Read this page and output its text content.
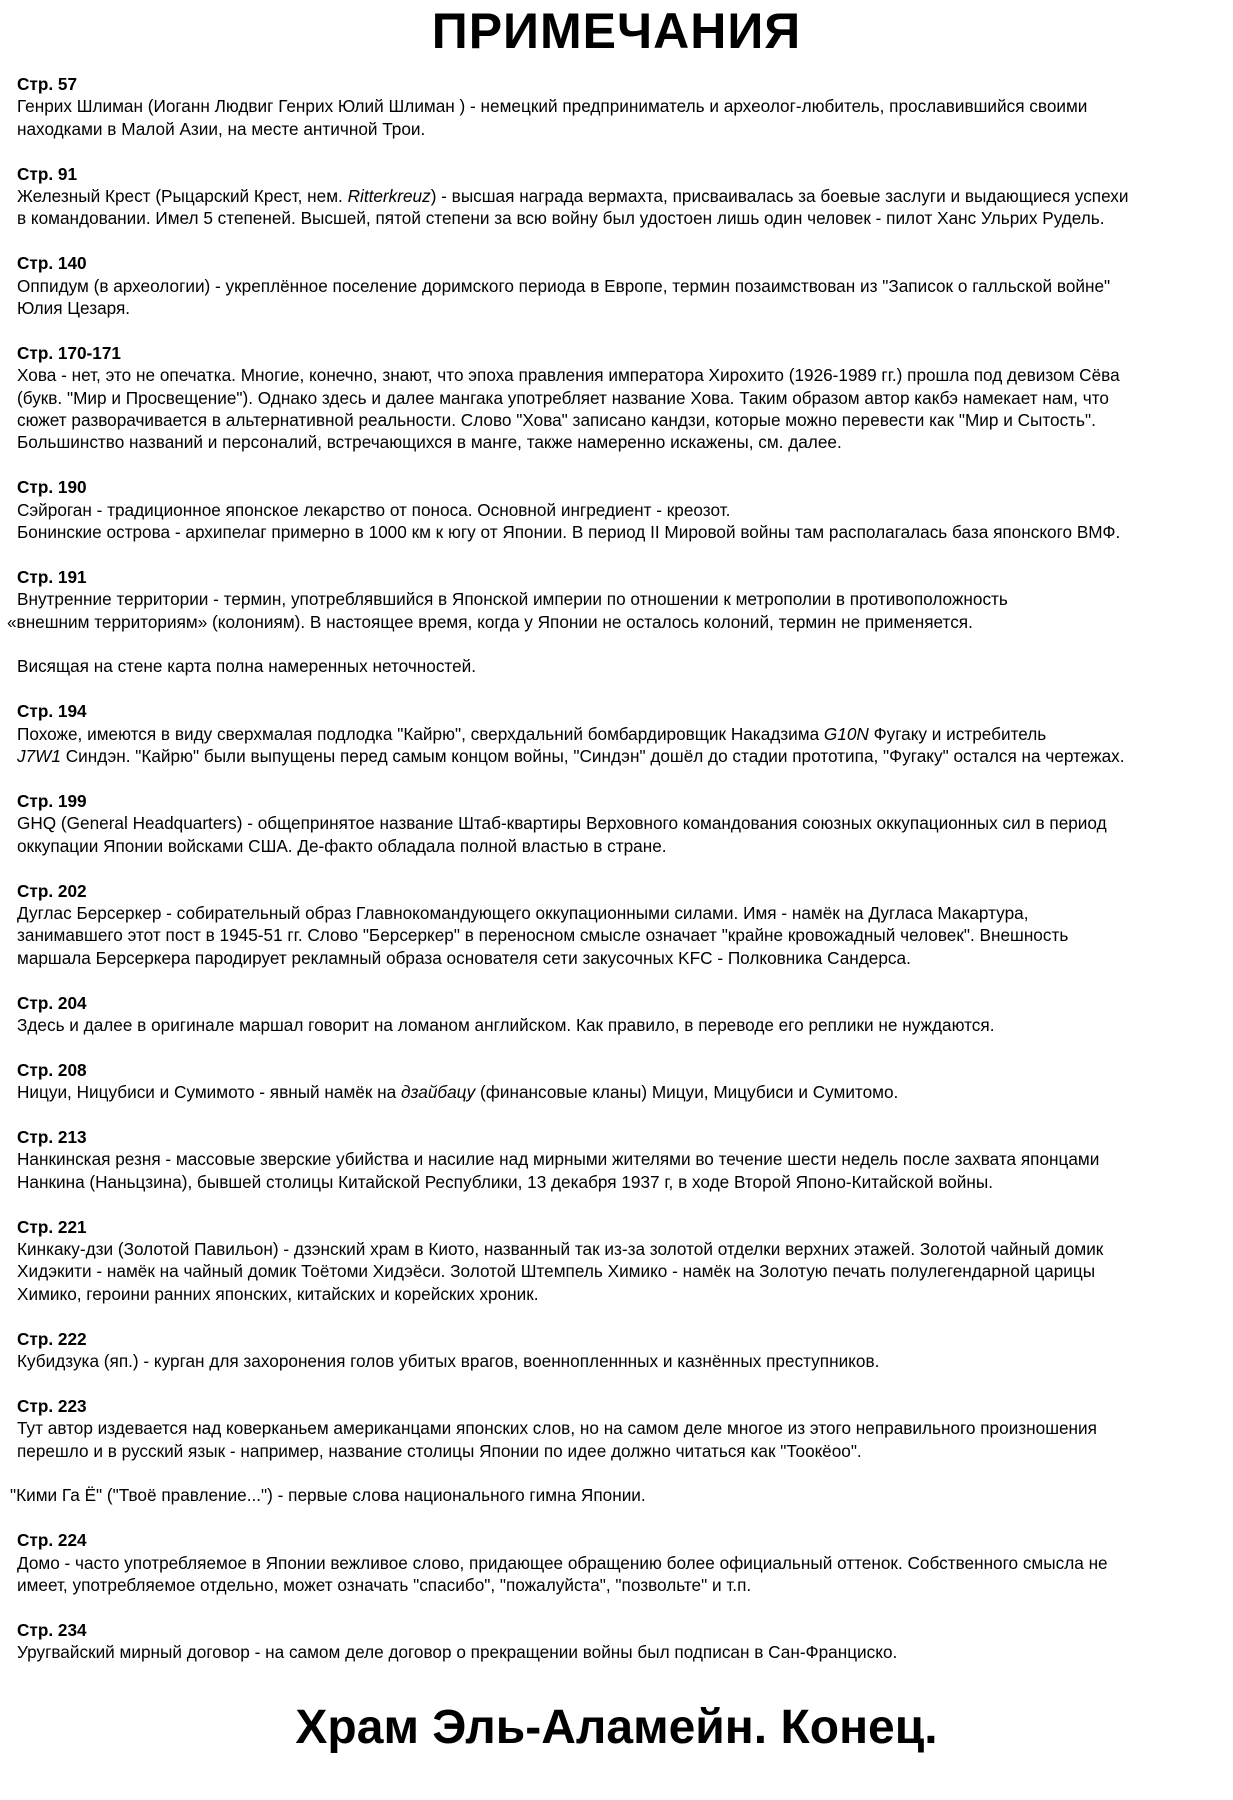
ПРИМЕЧАНИЯ

Стр. 57

Генрих Шлиман (Иоганн Людвиг Генрих Юлий Шлиман ) - немецкий предприниматель и археолог-любитель, прославившийся своими

находками в Малой Азии, на месте античной Трои.

Стр. 91

Железный Крест (Рыцарский Крест, нем. Ritterkreuz) - высшая награда вермахта, присваивалась за боевые заслуги и выдающиеся успехи

в командовании. Имел 5 степеней. Высшей, пятой степени за всю войну был удостоен лишь один человек - пилот Ханс Ульрих Рудель.

Стр. 140

Оппидум (в археологии) - укреплённое поселение доримского периода в Европе, термин позаимствован из "Записок о галльской войне"

Юлия Цезаря.

Стр. 170-171

Хова - нет, это не опечатка. Многие, конечно, знают, что эпоха правления императора Хирохито (1926-1989 гг.) прошла под девизом Сёва

(букв. "Мир и Просвещение"). Однако здесь и далее мангака употребляет название Хова. Таким образом автор какбэ намекает нам, что

сюжет разворачивается в альтернативной реальности. Слово "Хова" записано кандзи, которые можно перевести как "Мир и Сытость".

Большинство названий и персоналий, встречающихся в манге, также намеренно искажены, см. далее.

Стр. 190

Сэйроган - традиционное японское лекарство от поноса. Основной ингредиент - креозот.

Бонинские острова - архипелаг примерно в 1000 км к югу от Японии. В период II Мировой войны там располагалась база японского ВМФ.

Стр. 191

Внутренние территории - термин, употреблявшийся в Японской империи по отношении к метрополии в противоположность

«внешним территориям» (колониям). В настоящее время, когда у Японии не осталось колоний, термин не применяется.

Висящая на стене карта полна намеренных неточностей.

Стр. 194

Похоже, имеются в виду сверхмалая подлодка "Кайрю", сверхдальний бомбардировщик Накадзима G10N Фугаку и истребитель

J7W1 Синдэн. "Кайрю" были выпущены перед самым концом войны, "Синдэн" дошёл до стадии прототипа, "Фугаку" остался на чертежах.

Стр. 199

GHQ (General Headquarters) - общепринятое название Штаб-квартиры Верховного командования союзных оккупационных сил в период

оккупации Японии войсками США. Де-факто обладала полной властью в стране.

Стр. 202

Дуглас Берсеркер - собирательный образ Главнокомандующего оккупационными силами. Имя - намёк на Дугласа Макартура,

занимавшего этот пост в 1945-51 гг. Слово "Берсеркер" в переносном смысле означает "крайне кровожадный человек". Внешность

маршала Берсеркера пародирует рекламный образа основателя сети закусочных KFC - Полковника Сандерса.

Стр. 204

Здесь и далее в оригинале маршал говорит на ломаном английском. Как правило, в переводе его реплики не нуждаются.

Стр. 208

Ницуи, Ницубиси и Сумимото - явный намёк на дзайбацу (финансовые кланы) Мицуи, Мицубиси и Сумитомо.

Стр. 213

Нанкинская резня - массовые зверские убийства и насилие над мирными жителями во течение шести недель после захвата японцами

Нанкина (Наньцзина), бывшей столицы Китайской Республики, 13 декабря 1937 г, в ходе Второй Японо-Китайской войны.

Стр. 221

Кинкаку-дзи (Золотой Павильон) - дзэнский храм в Киото, названный так из-за золотой отделки верхних этажей. Золотой чайный домик

Хидэкити - намёк на чайный домик Тоётоми Хидэёси. Золотой Штемпель Химико - намёк на Золотую печать полулегендарной царицы

Химико, героини ранних японских, китайских и корейских хроник.

Стр. 222

Кубидзука (яп.) - курган для захоронения голов убитых врагов, военнопленнных и казнённых преступников.

Стр. 223

Тут автор издевается над коверканьем американцами японских слов, но на самом деле многое из этого неправильного произношения

перешло и в русский язык - например, название столицы Японии по идее должно читаться как "Тоокёоо".

"Кими Га Ё" ("Твоё правление...") - первые слова национального гимна Японии.

Стр. 224

Домо - часто употребляемое в Японии вежливое слово, придающее обращению более официальный оттенок. Собственного смысла не

имеет, употребляемое отдельно, может означать "спасибо", "пожалуйста", "позвольте" и т.п.

Стр. 234

Уругвайский мирный договор - на самом деле договор о прекращении войны был подписан в Сан-Франциско.

Храм Эль-Аламейн. Конец.
